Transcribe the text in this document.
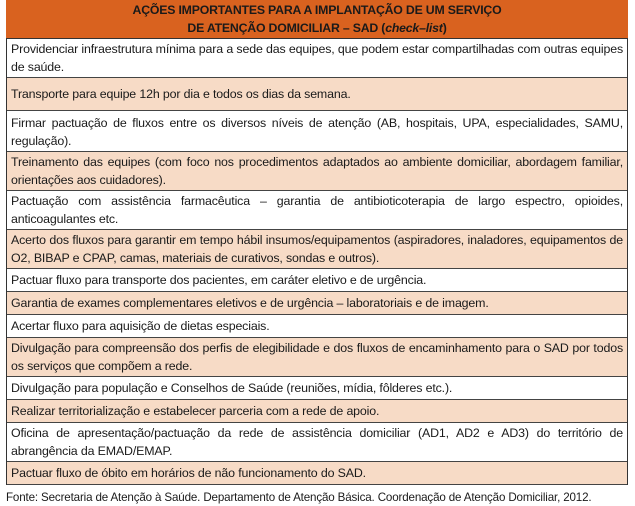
AÇÕES IMPORTANTES PARA A IMPLANTAÇÃO DE UM SERVIÇO
DE ATENÇÃO DOMICILIAR – SAD (check–list)
Providenciar infraestrutura mínima para a sede das equipes, que podem estar compartilhadas com outras equipes de saúde.
Transporte para equipe 12h por dia e todos os dias da semana.
Firmar pactuação de fluxos entre os diversos níveis de atenção (AB, hospitais, UPA, especialidades, SAMU, regulação).
Treinamento das equipes (com foco nos procedimentos adaptados ao ambiente domiciliar, abordagem familiar, orientações aos cuidadores).
Pactuação com assistência farmacêutica – garantia de antibioticoterapia de largo espectro, opioides, anticoagulantes etc.
Acerto dos fluxos para garantir em tempo hábil insumos/equipamentos (aspiradores, inaladores, equipamentos de O2, BIBAP e CPAP, camas, materiais de curativos, sondas e outros).
Pactuar fluxo para transporte dos pacientes, em caráter eletivo e de urgência.
Garantia de exames complementares eletivos e de urgência – laboratoriais e de imagem.
Acertar fluxo para aquisição de dietas especiais.
Divulgação para compreensão dos perfis de elegibilidade e dos fluxos de encaminhamento para o SAD por todos os serviços que compõem a rede.
Divulgação para população e Conselhos de Saúde (reuniões, mídia, fôlderes etc.).
Realizar territorialização e estabelecer parceria com a rede de apoio.
Oficina de apresentação/pactuação da rede de assistência domiciliar (AD1, AD2 e AD3) do território de abrangência da EMAD/EMAP.
Pactuar fluxo de óbito em horários de não funcionamento do SAD.
Fonte: Secretaria de Atenção à Saúde. Departamento de Atenção Básica. Coordenação de Atenção Domiciliar, 2012.
